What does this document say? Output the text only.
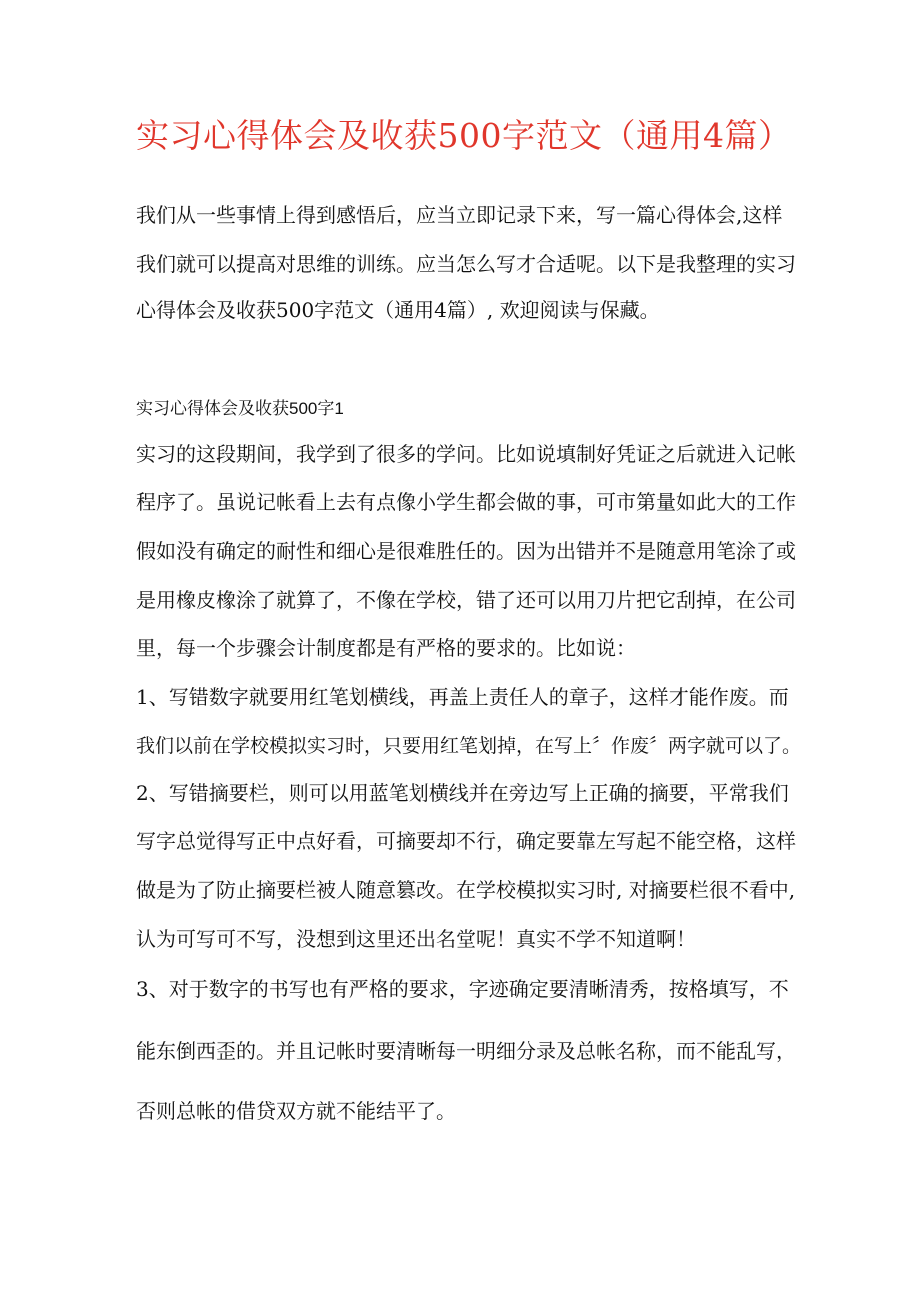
实习心得体会及收获500字范文（通用4篇）
我们从一些事情上得到感悟后，应当立即记录下来，写一篇心得体会,这样
我们就可以提高对思维的训练。应当怎么写才合适呢。以下是我整理的实习
心得体会及收获500字范文（通用4篇）, 欢迎阅读与保藏。
实习心得体会及收获500字1
实习的这段期间，我学到了很多的学问。比如说填制好凭证之后就进入记帐
程序了。虽说记帐看上去有点像小学生都会做的事，可市第量如此大的工作
假如没有确定的耐性和细心是很难胜任的。因为出错并不是随意用笔涂了或
是用橡皮橡涂了就算了，不像在学校，错了还可以用刀片把它刮掉，在公司
里，每一个步骤会计制度都是有严格的要求的。比如说：
1、写错数字就要用红笔划横线，再盖上责任人的章子，这样才能作废。而
我们以前在学校模拟实习时，只要用红笔划掉，在写上〞作废〞两字就可以了。
2、写错摘要栏，则可以用蓝笔划横线并在旁边写上正确的摘要，平常我们
写字总觉得写正中点好看，可摘要却不行，确定要靠左写起不能空格，这样
做是为了防止摘要栏被人随意篡改。在学校模拟实习时, 对摘要栏很不看中,
认为可写可不写，没想到这里还出名堂呢！真实不学不知道啊！
3、对于数字的书写也有严格的要求，字迹确定要清晰清秀，按格填写，不
能东倒西歪的。并且记帐时要清晰每一明细分录及总帐名称，而不能乱写，
否则总帐的借贷双方就不能结平了。
